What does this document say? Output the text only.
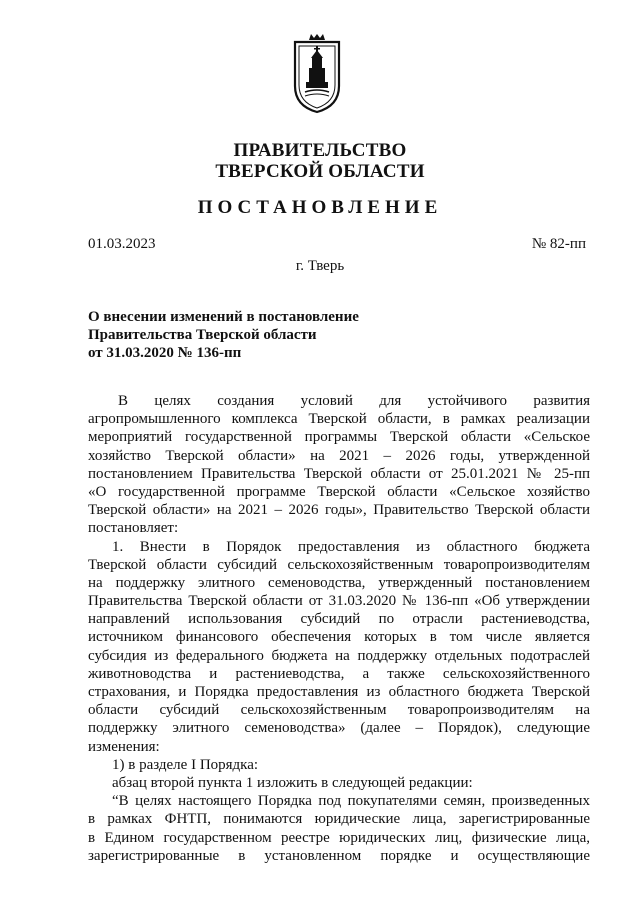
ПРАВИТЕЛЬСТВО
ТВЕРСКОЙ ОБЛАСТИ
ПОСТАНОВЛЕНИЕ
01.03.2023	№ 82-пп
г. Тверь
О внесении изменений в постановление
Правительства Тверской области
от 31.03.2020 № 136-пп
В целях создания условий для устойчивого развития
агропромышленного комплекса Тверской области, в рамках реализации
мероприятий государственной программы Тверской области «Сельское
хозяйство Тверской области» на 2021 – 2026 годы, утвержденной
постановлением Правительства Тверской области от 25.01.2021 № 25-пп
«О государственной программе Тверской области «Сельское хозяйство
Тверской области» на 2021 – 2026 годы», Правительство Тверской области
постановляет:
1. Внести в Порядок предоставления из областного бюджета
Тверской области субсидий сельскохозяйственным товаропроизводителям
на поддержку элитного семеноводства, утвержденный постановлением
Правительства Тверской области от 31.03.2020 № 136-пп «Об утверждении
направлений использования субсидий по отрасли растениеводства,
источником финансового обеспечения которых в том числе является
субсидия из федерального бюджета на поддержку отдельных подотраслей
животноводства и растениеводства, а также сельскохозяйственного
страхования, и Порядка предоставления из областного бюджета Тверской
области субсидий сельскохозяйственным товаропроизводителям на
поддержку элитного семеноводства» (далее – Порядок), следующие
изменения:
1) в разделе I Порядка:
абзац второй пункта 1 изложить в следующей редакции:
“В целях настоящего Порядка под покупателями семян, произведенных
в рамках ФНТП, понимаются юридические лица, зарегистрированные
в Едином государственном реестре юридических лиц, физические лица,
зарегистрированные в установленном порядке и осуществляющие
